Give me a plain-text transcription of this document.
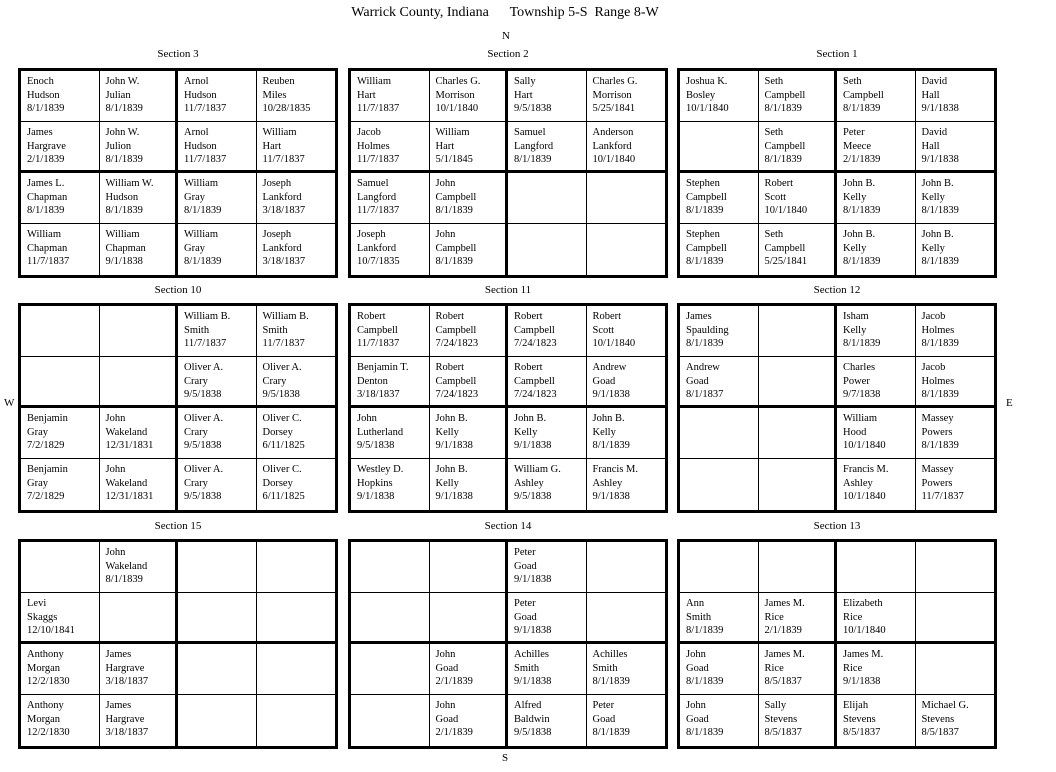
Warrick County, Indiana      Township 5-S  Range 8-W
N
S
E
W
Section 3
Enoch
Hudson
8/1/1839
John W.
Julian
8/1/1839
Arnol
Hudson
11/7/1837
Reuben
Miles
10/28/1835
James
Hargrave
2/1/1839
John W.
Julion
8/1/1839
Arnol
Hudson
11/7/1837
William
Hart
11/7/1837
James L.
Chapman
8/1/1839
William W.
Hudson
8/1/1839
William
Gray
8/1/1839
Joseph
Lankford
3/18/1837
William
Chapman
11/7/1837
William
Chapman
9/1/1838
William
Gray
8/1/1839
Joseph
Lankford
3/18/1837
Section 2
William
Hart
11/7/1837
Charles G.
Morrison
10/1/1840
Sally
Hart
9/5/1838
Charles G.
Morrison
5/25/1841
Jacob
Holmes
11/7/1837
William
Hart
5/1/1845
Samuel
Langford
8/1/1839
Anderson
Lankford
10/1/1840
Samuel
Langford
11/7/1837
John
Campbell
8/1/1839
Joseph
Lankford
10/7/1835
John
Campbell
8/1/1839
Section 1
Joshua K.
Bosley
10/1/1840
Seth
Campbell
8/1/1839
Seth
Campbell
8/1/1839
David
Hall
9/1/1838
Seth
Campbell
8/1/1839
Peter
Meece
2/1/1839
David
Hall
9/1/1838
Stephen
Campbell
8/1/1839
Robert
Scott
10/1/1840
John B.
Kelly
8/1/1839
John B.
Kelly
8/1/1839
Stephen
Campbell
8/1/1839
Seth
Campbell
5/25/1841
John B.
Kelly
8/1/1839
John B.
Kelly
8/1/1839
Section 10
William B.
Smith
11/7/1837
William B.
Smith
11/7/1837
Oliver A.
Crary
9/5/1838
Oliver A.
Crary
9/5/1838
Benjamin
Gray
7/2/1829
John
Wakeland
12/31/1831
Oliver A.
Crary
9/5/1838
Oliver C.
Dorsey
6/11/1825
Benjamin
Gray
7/2/1829
John
Wakeland
12/31/1831
Oliver A.
Crary
9/5/1838
Oliver C.
Dorsey
6/11/1825
Section 11
Robert
Campbell
11/7/1837
Robert
Campbell
7/24/1823
Robert
Campbell
7/24/1823
Robert
Scott
10/1/1840
Benjamin T.
Denton
3/18/1837
Robert
Campbell
7/24/1823
Robert
Campbell
7/24/1823
Andrew
Goad
9/1/1838
John
Lutherland
9/5/1838
John B.
Kelly
9/1/1838
John B.
Kelly
9/1/1838
John B.
Kelly
8/1/1839
Westley D.
Hopkins
9/1/1838
John B.
Kelly
9/1/1838
William G.
Ashley
9/5/1838
Francis M.
Ashley
9/1/1838
Section 12
James
Spaulding
8/1/1839
Isham
Kelly
8/1/1839
Jacob
Holmes
8/1/1839
Andrew
Goad
8/1/1837
Charles
Power
9/7/1838
Jacob
Holmes
8/1/1839
William
Hood
10/1/1840
Massey
Powers
8/1/1839
Francis M.
Ashley
10/1/1840
Massey
Powers
11/7/1837
Section 15
John
Wakeland
8/1/1839
Levi
Skaggs
12/10/1841
Anthony
Morgan
12/2/1830
James
Hargrave
3/18/1837
Anthony
Morgan
12/2/1830
James
Hargrave
3/18/1837
Section 14
Peter
Goad
9/1/1838
Peter
Goad
9/1/1838
John
Goad
2/1/1839
Achilles
Smith
9/1/1838
Achilles
Smith
8/1/1839
John
Goad
2/1/1839
Alfred
Baldwin
9/5/1838
Peter
Goad
8/1/1839
Section 13
Ann
Smith
8/1/1839
James M.
Rice
2/1/1839
Elizabeth
Rice
10/1/1840
John
Goad
8/1/1839
James M.
Rice
8/5/1837
James M.
Rice
9/1/1838
John
Goad
8/1/1839
Sally
Stevens
8/5/1837
Elijah
Stevens
8/5/1837
Michael G.
Stevens
8/5/1837
